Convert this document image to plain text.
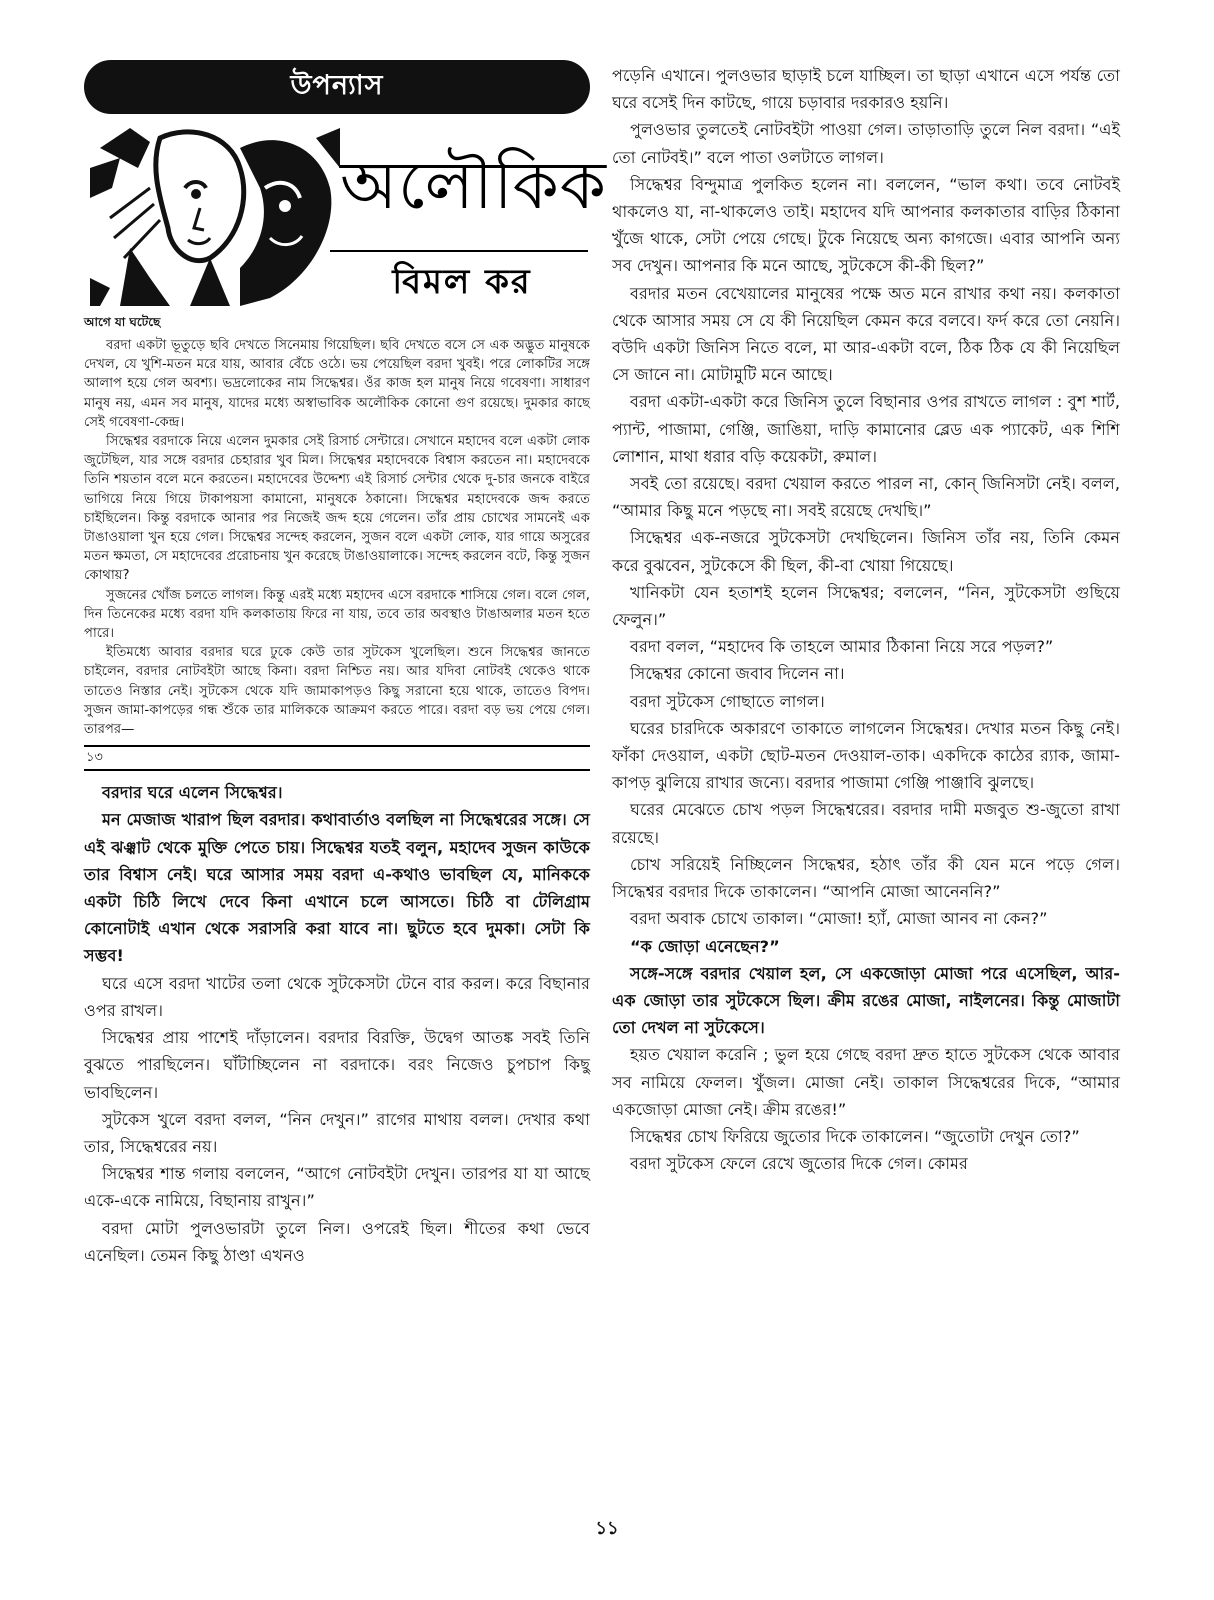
উপন্যাস
অলৌকিক
বিমল কর
আগে যা ঘটেছে

বরদা একটা ভূতুড়ে ছবি দেখতে সিনেমায় গিয়েছিল। ছবি দেখতে বসে সে এক অদ্ভুত মানুষকে দেখল, যে খুশি-মতন মরে যায়, আবার বেঁচে ওঠে। ভয় পেয়েছিল বরদা খুবই। পরে লোকটির সঙ্গে আলাপ হয়ে গেল অবশ্য। ভদ্রলোকের নাম সিদ্ধেশ্বর। ওঁর কাজ হল মানুষ নিয়ে গবেষণা। সাধারণ মানুষ নয়, এমন সব মানুষ, যাদের মধ্যে অস্বাভাবিক অলৌকিক কোনো গুণ রয়েছে। দুমকার কাছে সেই গবেষণা-কেন্দ্র।

সিদ্ধেশ্বর বরদাকে নিয়ে এলেন দুমকার সেই রিসার্চ সেন্টারে। সেখানে মহাদেব বলে একটা লোক জুটেছিল, যার সঙ্গে বরদার চেহারার খুব মিল। সিদ্ধেশ্বর মহাদেবকে বিশ্বাস করতেন না। মহাদেবকে তিনি শয়তান বলে মনে করতেন। মহাদেবের উদ্দেশ্য এই রিসার্চ সেন্টার থেকে দু-চার জনকে বাইরে ভাগিয়ে নিয়ে গিয়ে টাকাপয়সা কামানো, মানুষকে ঠকানো। সিদ্ধেশ্বর মহাদেবকে জব্দ করতে চাইছিলেন। কিন্তু বরদাকে আনার পর নিজেই জব্দ হয়ে গেলেন। তাঁর প্রায় চোখের সামনেই এক টাঙাওয়ালা খুন হয়ে গেল। সিদ্ধেশ্বর সন্দেহ করলেন, সুজন বলে একটা লোক, যার গায়ে অসুরের মতন ক্ষমতা, সে মহাদেবের প্ররোচনায় খুন করেছে টাঙাওয়ালাকে। সন্দেহ করলেন বটে, কিন্তু সুজন কোথায়?

সুজনের খোঁজ চলতে লাগল। কিন্তু এরই মধ্যে মহাদেব এসে বরদাকে শাসিয়ে গেল। বলে গেল, দিন তিনেকের মধ্যে বরদা যদি কলকাতায় ফিরে না যায়, তবে তার অবস্থাও টাঙাঅলার মতন হতে পারে।

ইতিমধ্যে আবার বরদার ঘরে ঢুকে কেউ তার সুটকেস খুলেছিল। শুনে সিদ্ধেশ্বর জানতে চাইলেন, বরদার নোটবইটা আছে কিনা। বরদা নিশ্চিত নয়। আর যদিবা নোটবই থেকেও থাকে তাতেও নিস্তার নেই। সুটকেস থেকে যদি জামাকাপড়ও কিছু সরানো হয়ে থাকে, তাতেও বিপদ। সুজন জামা-কাপড়ের গন্ধ শুঁকে তার মালিককে আক্রমণ করতে পারে। বরদা বড় ভয় পেয়ে গেল। তারপর—

১৩

বরদার ঘরে এলেন সিদ্ধেশ্বর।

মন মেজাজ খারাপ ছিল বরদার। কথাবার্তাও বলছিল না সিদ্ধেশ্বরের সঙ্গে। সে এই ঝঞ্ঝাট থেকে মুক্তি পেতে চায়। সিদ্ধেশ্বর যতই বলুন, মহাদেব সুজন কাউকে তার বিশ্বাস নেই। ঘরে আসার সময় বরদা এ-কথাও ভাবছিল যে, মানিককে একটা চিঠি লিখে দেবে কিনা এখানে চলে আসতে। চিঠি বা টেলিগ্রাম কোনোটাই এখান থেকে সরাসরি করা যাবে না। ছুটতে হবে দুমকা। সেটা কি সম্ভব!

ঘরে এসে বরদা খাটের তলা থেকে সুটকেসটা টেনে বার করল। করে বিছানার ওপর রাখল।

সিদ্ধেশ্বর প্রায় পাশেই দাঁড়ালেন। বরদার বিরক্তি, উদ্বেগ আতঙ্ক সবই তিনি বুঝতে পারছিলেন। ঘাঁটাচ্ছিলেন না বরদাকে। বরং নিজেও চুপচাপ কিছু ভাবছিলেন।

সুটকেস খুলে বরদা বলল, “নিন দেখুন।” রাগের মাথায় বলল। দেখার কথা তার, সিদ্ধেশ্বরের নয়।

সিদ্ধেশ্বর শান্ত গলায় বললেন, “আগে নোটবইটা দেখুন। তারপর যা যা আছে একে-একে নামিয়ে, বিছানায় রাখুন।”

বরদা মোটা পুলওভারটা তুলে নিল। ওপরেই ছিল। শীতের কথা ভেবে এনেছিল। তেমন কিছু ঠাণ্ডা এখনও

পড়েনি এখানে। পুলওভার ছাড়াই চলে যাচ্ছিল। তা ছাড়া এখানে এসে পর্যন্ত তো ঘরে বসেই দিন কাটছে, গায়ে চড়াবার দরকারও হয়নি।

পুলওভার তুলতেই নোটবইটা পাওয়া গেল। তাড়াতাড়ি তুলে নিল বরদা। “এই তো নোটবই।” বলে পাতা ওলটাতে লাগল।

সিদ্ধেশ্বর বিন্দুমাত্র পুলকিত হলেন না। বললেন, “ভাল কথা। তবে নোটবই থাকলেও যা, না-থাকলেও তাই। মহাদেব যদি আপনার কলকাতার বাড়ির ঠিকানা খুঁজে থাকে, সেটা পেয়ে গেছে। টুকে নিয়েছে অন্য কাগজে। এবার আপনি অন্য সব দেখুন। আপনার কি মনে আছে, সুটকেসে কী-কী ছিল?”

বরদার মতন বেখেয়ালের মানুষের পক্ষে অত মনে রাখার কথা নয়। কলকাতা থেকে আসার সময় সে যে কী নিয়েছিল কেমন করে বলবে। ফর্দ করে তো নেয়নি। বউদি একটা জিনিস নিতে বলে, মা আর-একটা বলে, ঠিক ঠিক যে কী নিয়েছিল সে জানে না। মোটামুটি মনে আছে।

বরদা একটা-একটা করে জিনিস তুলে বিছানার ওপর রাখতে লাগল : বুশ শার্ট, প্যান্ট, পাজামা, গেঞ্জি, জাঙিয়া, দাড়ি কামানোর ব্লেড এক প্যাকেট, এক শিশি লোশান, মাথা ধরার বড়ি কয়েকটা, রুমাল।

সবই তো রয়েছে। বরদা খেয়াল করতে পারল না, কোন্ জিনিসটা নেই। বলল, “আমার কিছু মনে পড়ছে না। সবই রয়েছে দেখছি।”

সিদ্ধেশ্বর এক-নজরে সুটকেসটা দেখছিলেন। জিনিস তাঁর নয়, তিনি কেমন করে বুঝবেন, সুটকেসে কী ছিল, কী-বা খোয়া গিয়েছে।

খানিকটা যেন হতাশই হলেন সিদ্ধেশ্বর; বললেন, “নিন, সুটকেসটা গুছিয়ে ফেলুন।”

বরদা বলল, “মহাদেব কি তাহলে আমার ঠিকানা নিয়ে সরে পড়ল?”

সিদ্ধেশ্বর কোনো জবাব দিলেন না।

বরদা সুটকেস গোছাতে লাগল।

ঘরের চারদিকে অকারণে তাকাতে লাগলেন সিদ্ধেশ্বর। দেখার মতন কিছু নেই। ফাঁকা দেওয়াল, একটা ছোট-মতন দেওয়াল-তাক। একদিকে কাঠের র‍্যাক, জামা-কাপড় ঝুলিয়ে রাখার জন্যে। বরদার পাজামা গেঞ্জি পাঞ্জাবি ঝুলছে।

ঘরের মেঝেতে চোখ পড়ল সিদ্ধেশ্বরের। বরদার দামী মজবুত শু-জুতো রাখা রয়েছে।

চোখ সরিয়েই নিচ্ছিলেন সিদ্ধেশ্বর, হঠাৎ তাঁর কী যেন মনে পড়ে গেল। সিদ্ধেশ্বর বরদার দিকে তাকালেন। “আপনি মোজা আনেননি?”

বরদা অবাক চোখে তাকাল। “মোজা! হ্যাঁ, মোজা আনব না কেন?”

“ক জোড়া এনেছেন?”

সঙ্গে-সঙ্গে বরদার খেয়াল হল, সে একজোড়া মোজা পরে এসেছিল, আর-এক জোড়া তার সুটকেসে ছিল। ক্রীম রঙের মোজা, নাইলনের। কিন্তু মোজাটা তো দেখল না সুটকেসে।

হয়ত খেয়াল করেনি ; ভুল হয়ে গেছে বরদা দ্রুত হাতে সুটকেস থেকে আবার সব নামিয়ে ফেলল। খুঁজল। মোজা নেই। তাকাল সিদ্ধেশ্বরের দিকে, “আমার একজোড়া মোজা নেই। ক্রীম রঙের!”

সিদ্ধেশ্বর চোখ ফিরিয়ে জুতোর দিকে তাকালেন। “জুতোটা দেখুন তো?”

বরদা সুটকেস ফেলে রেখে জুতোর দিকে গেল। কোমর

১১
